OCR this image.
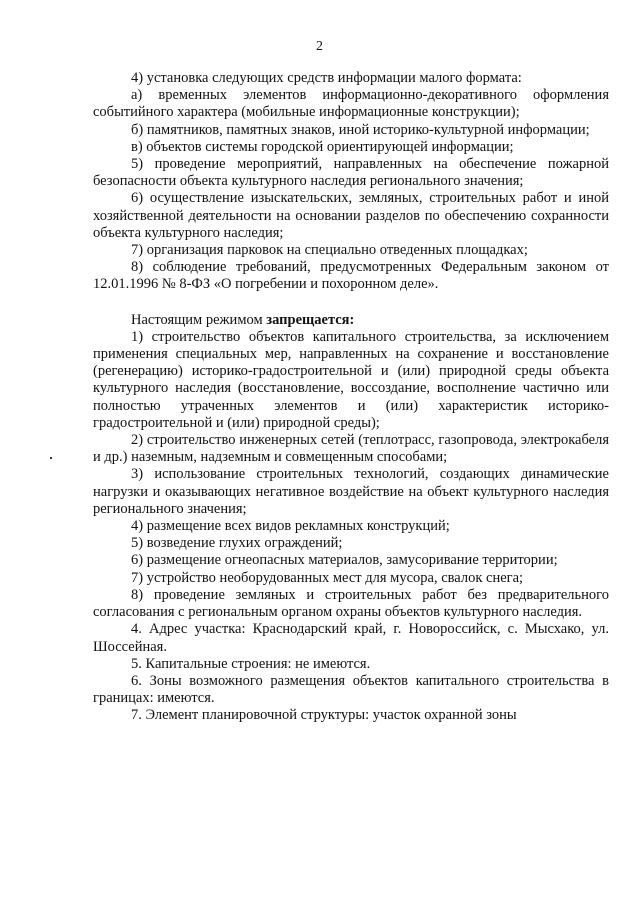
2

4) установка следующих средств информации малого формата:

а) временных элементов информационно-декоративного оформления событийного характера (мобильные информационные конструкции);

б) памятников, памятных знаков, иной историко-культурной информации;

в) объектов системы городской ориентирующей информации;

5) проведение мероприятий, направленных на обеспечение пожарной безопасности объекта культурного наследия регионального значения;

6) осуществление изыскательских, земляных, строительных работ и иной хозяйственной деятельности на основании разделов по обеспечению сохранности объекта культурного наследия;

7) организация парковок на специально отведенных площадках;

8) соблюдение требований, предусмотренных Федеральным законом от 12.01.1996 № 8-ФЗ «О погребении и похоронном деле».

Настоящим режимом запрещается:

1) строительство объектов капитального строительства, за исключением применения специальных мер, направленных на сохранение и восстановление (регенерацию) историко-градостроительной и (или) природной среды объекта культурного наследия (восстановление, воссоздание, восполнение частично или полностью утраченных элементов и (или) характеристик историко-градостроительной и (или) природной среды);

2) строительство инженерных сетей (теплотрасс, газопровода, электрокабеля и др.) наземным, надземным и совмещенным способами;

3) использование строительных технологий, создающих динамические нагрузки и оказывающих негативное воздействие на объект культурного наследия регионального значения;

4) размещение всех видов рекламных конструкций;

5) возведение глухих ограждений;

6) размещение огнеопасных материалов, замусоривание территории;

7) устройство необорудованных мест для мусора, свалок снега;

8) проведение земляных и строительных работ без предварительного согласования с региональным органом охраны объектов культурного наследия.

4. Адрес участка: Краснодарский край, г. Новороссийск, с. Мысхако, ул. Шоссейная.

5. Капитальные строения: не имеются.

6. Зоны возможного размещения объектов капитального строительства в границах: имеются.

7. Элемент планировочной структуры: участок охранной зоны
